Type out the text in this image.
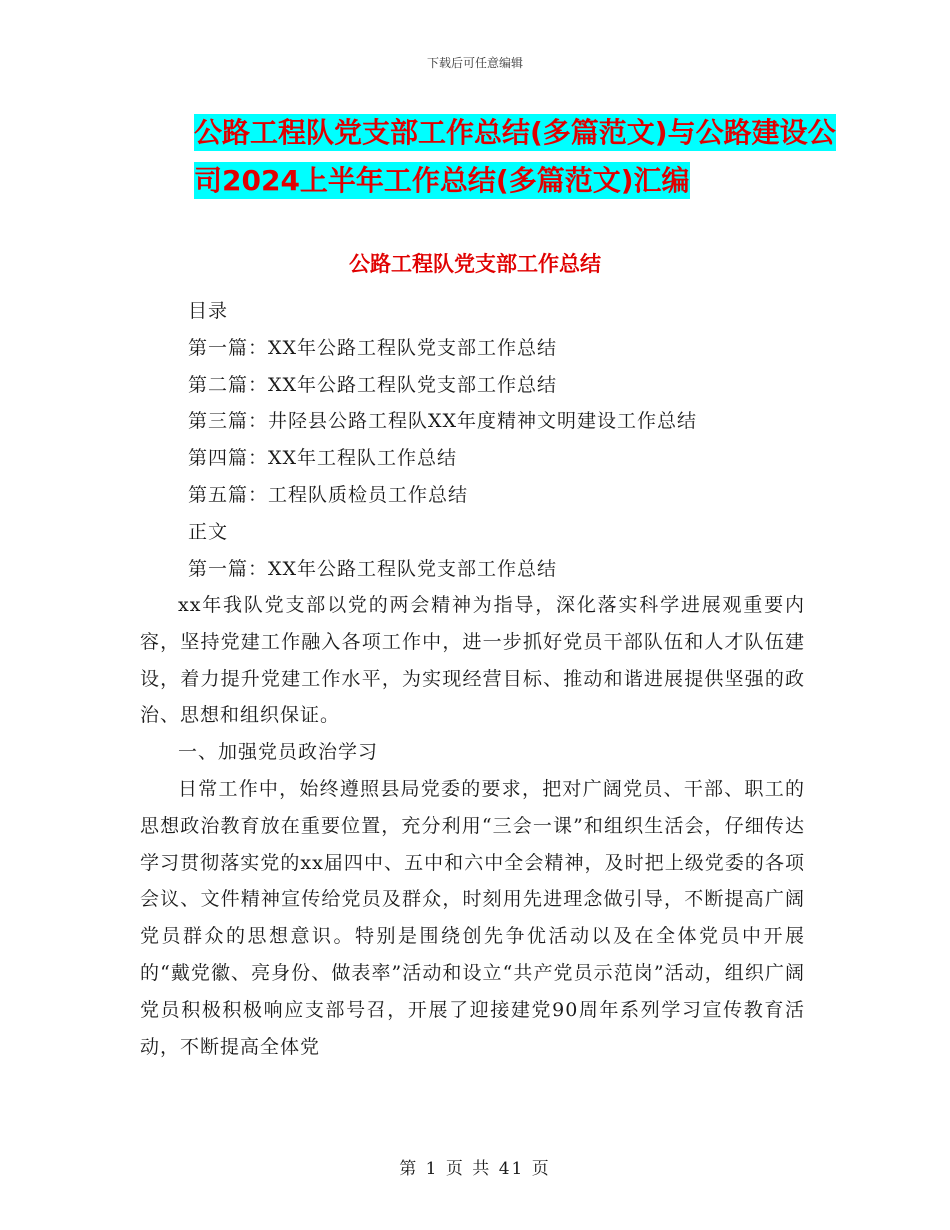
下载后可任意编辑
公路工程队党支部工作总结(多篇范文)与公路建设公
司2024上半年工作总结(多篇范文)汇编
公路工程队党支部工作总结
目录
第一篇：XX年公路工程队党支部工作总结
第二篇：XX年公路工程队党支部工作总结
第三篇：井陉县公路工程队XX年度精神文明建设工作总结
第四篇：XX年工程队工作总结
第五篇：工程队质检员工作总结
正文
第一篇：XX年公路工程队党支部工作总结

xx年我队党支部以党的两会精神为指导，深化落实科学进展观重要内容，坚持党建工作融入各项工作中，进一步抓好党员干部队伍和人才队伍建设，着力提升党建工作水平，为实现经营目标、推动和谐进展提供坚强的政治、思想和组织保证。

一、加强党员政治学习

日常工作中，始终遵照县局党委的要求，把对广阔党员、干部、职工的思想政治教育放在重要位置，充分利用“三会一课”和组织生活会，仔细传达学习贯彻落实党的xx届四中、五中和六中全会精神，及时把上级党委的各项会议、文件精神宣传给党员及群众，时刻用先进理念做引导，不断提高广阔党员群众的思想意识。特别是围绕创先争优活动以及在全体党员中开展的“戴党徽、亮身份、做表率”活动和设立“共产党员示范岗”活动，组织广阔党员积极积极响应支部号召，开展了迎接建党90周年系列学习宣传教育活动，不断提高全体党

第 1 页 共 41 页
